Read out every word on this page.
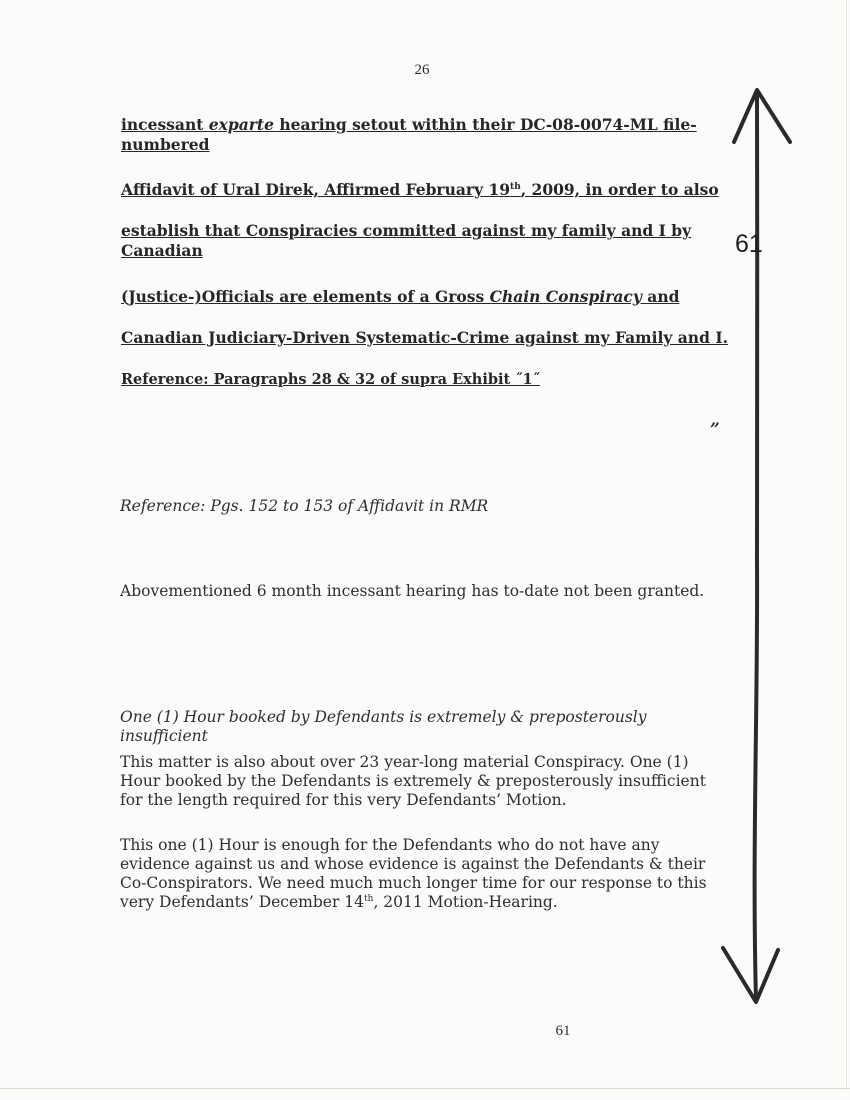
26
incessant exparte hearing setout within their DC-08-0074-ML file-
numbered
Affidavit of Ural Direk, Affirmed February 19th, 2009, in order to also
establish that Conspiracies committed against my family and I by
Canadian
(Justice-)Officials are elements of a Gross Chain Conspiracy and
Canadian Judiciary-Driven Systematic-Crime against my Family and I.
Reference: Paragraphs 28 & 32 of supra Exhibit ˝1˝
”
Reference: Pgs. 152 to 153 of Affidavit in RMR
Abovementioned 6 month incessant hearing has to-date not been granted.
One (1) Hour booked by Defendants is extremely & preposterously insufficient
This matter is also about over 23 year-long material Conspiracy. One (1) Hour booked by the Defendants is extremely & preposterously insufficient for the length required for this very Defendants’ Motion.
This one (1) Hour is enough for the Defendants who do not have any evidence against us and whose evidence is against the Defendants & their Co-Conspirators. We need much much longer time for our response to this very Defendants’ December 14th, 2011 Motion-Hearing.
61
61
